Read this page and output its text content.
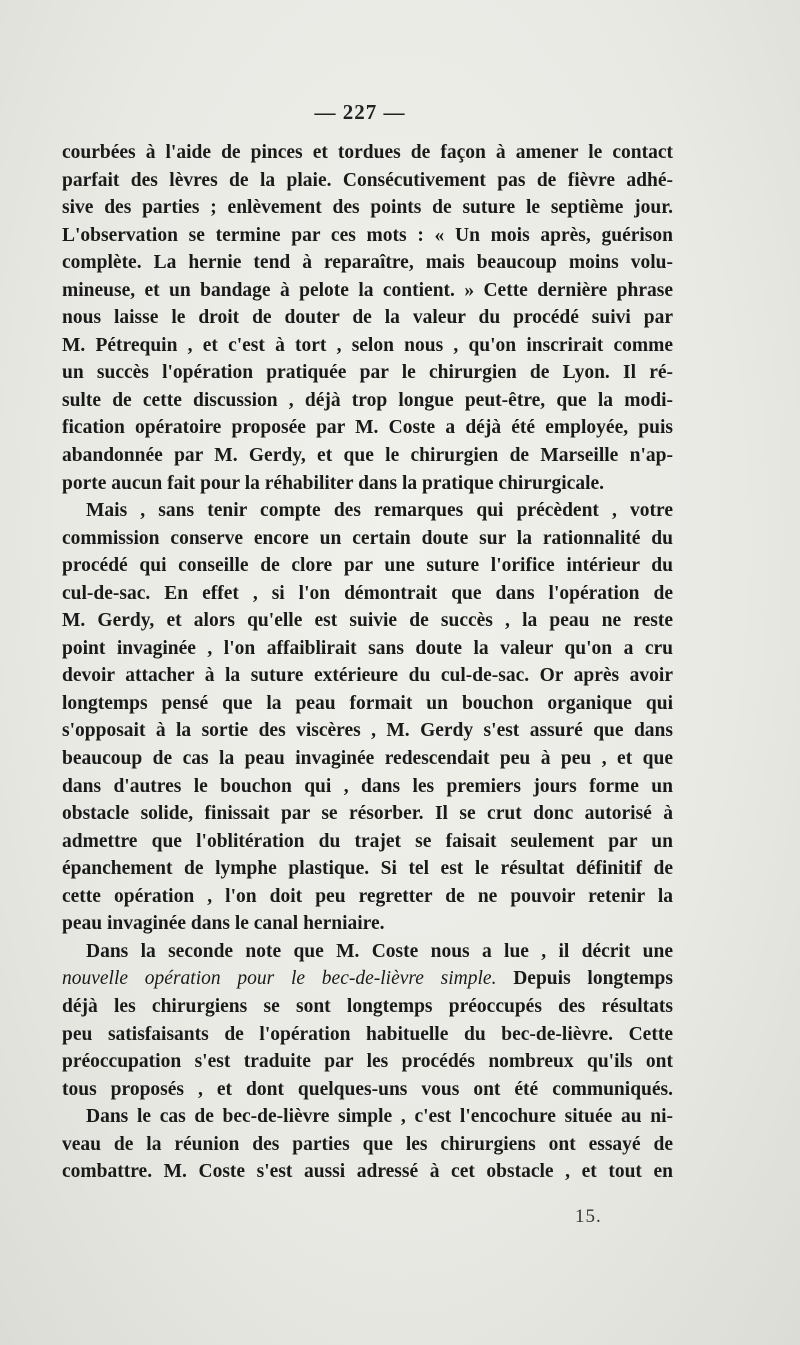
— 227 —
courbées à l'aide de pinces et tordues de façon à amener le contact
parfait des lèvres de la plaie. Consécutivement pas de fièvre adhé-
sive des parties ; enlèvement des points de suture le septième jour.
L'observation se termine par ces mots : « Un mois après, guérison
complète. La hernie tend à reparaître, mais beaucoup moins volu-
mineuse, et un bandage à pelote la contient. » Cette dernière phrase
nous laisse le droit de douter de la valeur du procédé suivi par
M. Pétrequin , et c'est à tort , selon nous , qu'on inscrirait comme
un succès l'opération pratiquée par le chirurgien de Lyon. Il ré-
sulte de cette discussion , déjà trop longue peut-être, que la modi-
fication opératoire proposée par M. Coste a déjà été employée, puis
abandonnée par M. Gerdy, et que le chirurgien de Marseille n'ap-
porte aucun fait pour la réhabiliter dans la pratique chirurgicale.
Mais , sans tenir compte des remarques qui précèdent , votre
commission conserve encore un certain doute sur la rationnalité du
procédé qui conseille de clore par une suture l'orifice intérieur du
cul-de-sac. En effet , si l'on démontrait que dans l'opération de
M. Gerdy, et alors qu'elle est suivie de succès , la peau ne reste
point invaginée , l'on affaiblirait sans doute la valeur qu'on a cru
devoir attacher à la suture extérieure du cul-de-sac. Or après avoir
longtemps pensé que la peau formait un bouchon organique qui
s'opposait à la sortie des viscères , M. Gerdy s'est assuré que dans
beaucoup de cas la peau invaginée redescendait peu à peu , et que
dans d'autres le bouchon qui , dans les premiers jours forme un
obstacle solide, finissait par se résorber. Il se crut donc autorisé à
admettre que l'oblitération du trajet se faisait seulement par un
épanchement de lymphe plastique. Si tel est le résultat définitif de
cette opération , l'on doit peu regretter de ne pouvoir retenir la
peau invaginée dans le canal herniaire.
Dans la seconde note que M. Coste nous a lue , il décrit une
nouvelle opération pour le bec-de-lièvre simple. Depuis longtemps
déjà les chirurgiens se sont longtemps préoccupés des résultats
peu satisfaisants de l'opération habituelle du bec-de-lièvre. Cette
préoccupation s'est traduite par les procédés nombreux qu'ils ont
tous proposés , et dont quelques-uns vous ont été communiqués.
Dans le cas de bec-de-lièvre simple , c'est l'encochure située au ni-
veau de la réunion des parties que les chirurgiens ont essayé de
combattre. M. Coste s'est aussi adressé à cet obstacle , et tout en
15.
